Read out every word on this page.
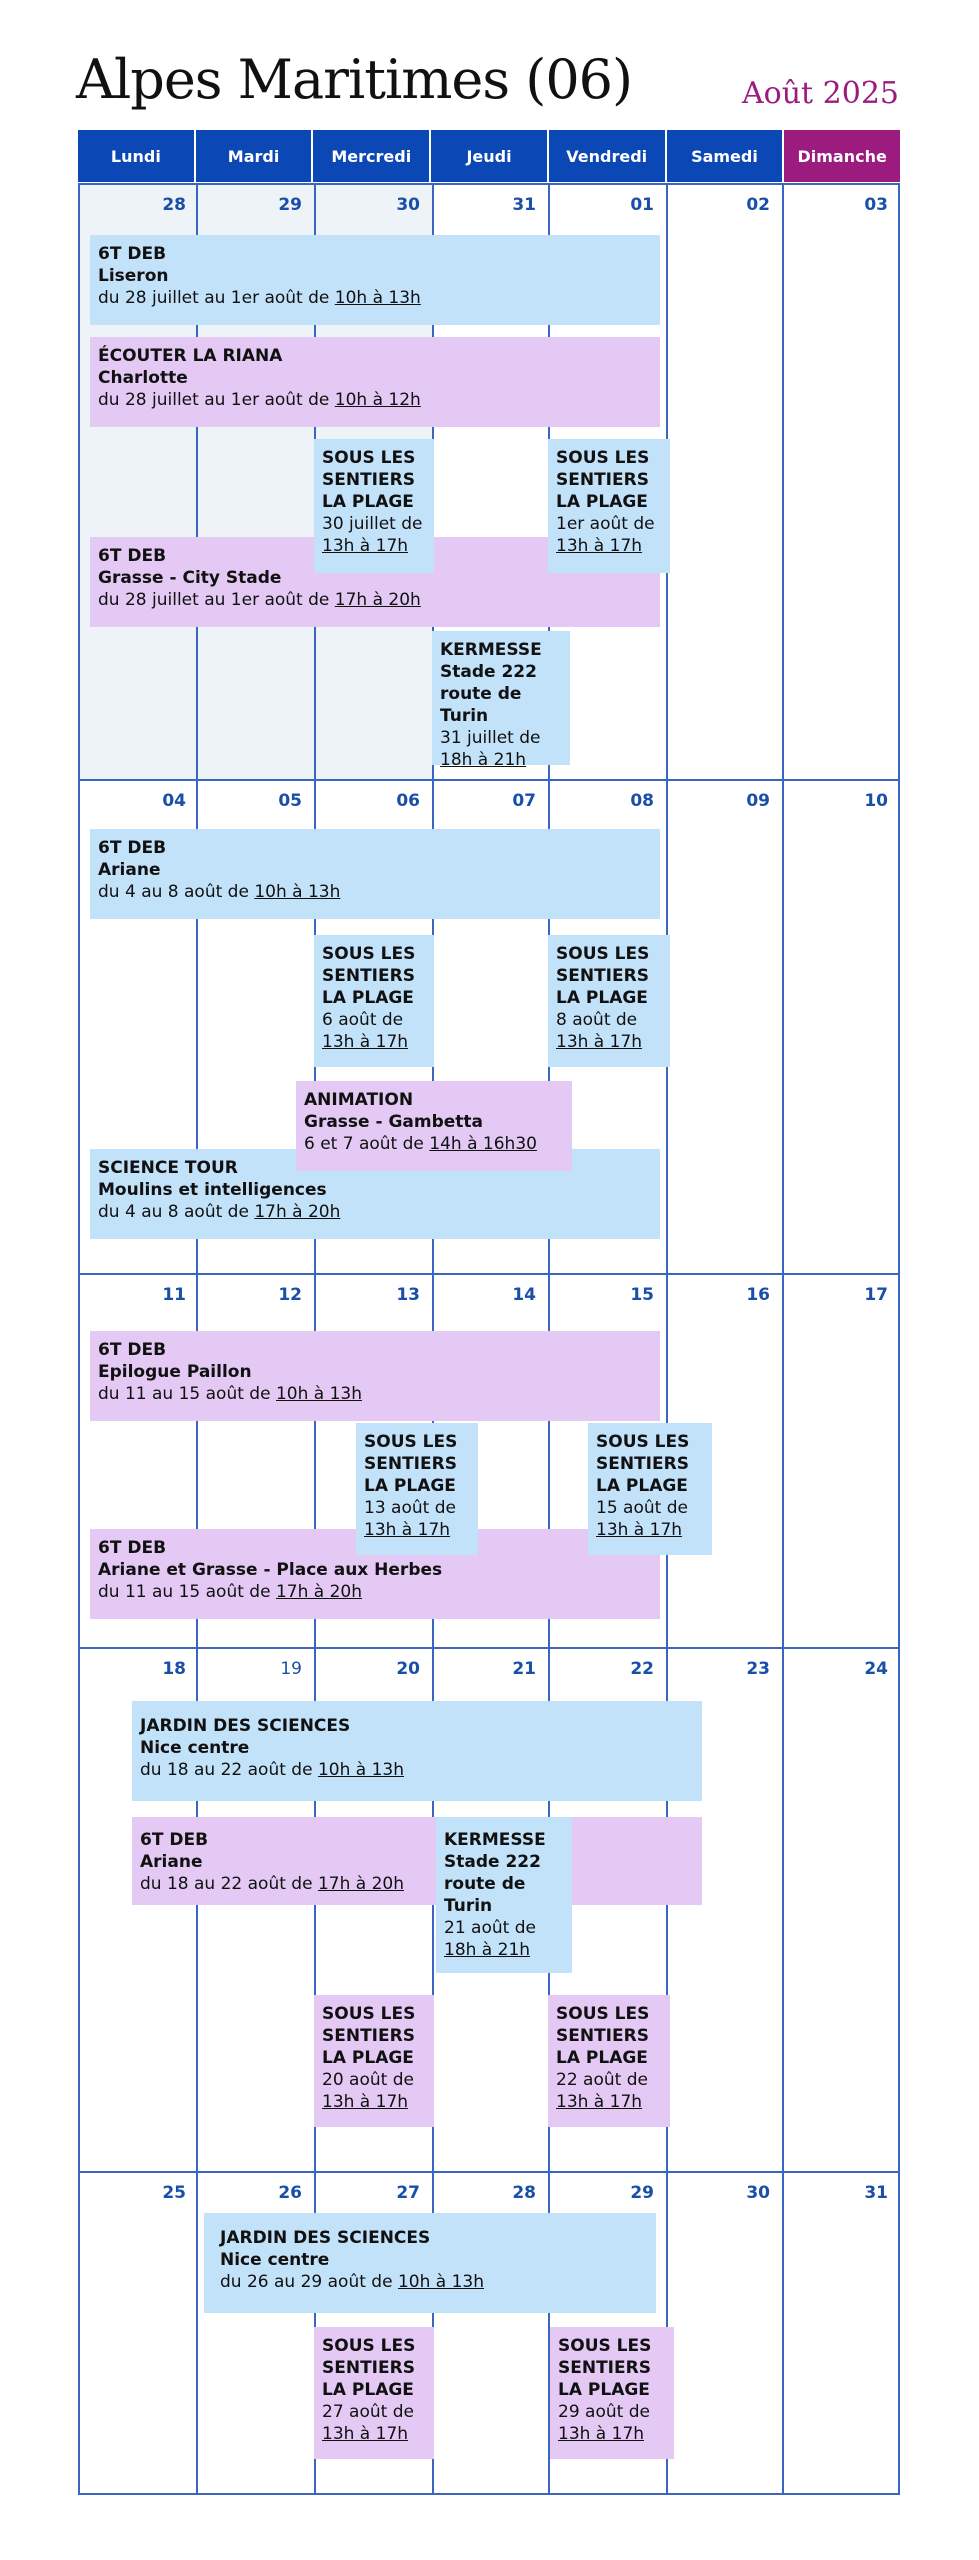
Alpes Maritimes (06)	Août 2025
Lundi	Mardi	Mercredi	Jeudi	Vendredi	Samedi	Dimanche
28	29	30	31	01	02	03
6T DEB
Liseron
du 28 juillet au 1er août de 10h à 13h
ÉCOUTER LA RIANA
Charlotte
du 28 juillet au 1er août de 10h à 12h
6T DEB
Grasse - City Stade
du 28 juillet au 1er août de 17h à 20h
SOUS LES SENTIERS LA PLAGE
30 juillet de
13h à 17h
SOUS LES SENTIERS LA PLAGE
1er août de
13h à 17h
KERMESSE
Stade 222 route de Turin
31 juillet de
18h à 21h
04	05	06	07	08	09	10
6T DEB
Ariane
du 4 au 8 août de 10h à 13h
SOUS LES SENTIERS LA PLAGE
6 août de
13h à 17h
SOUS LES SENTIERS LA PLAGE
8 août de
13h à 17h
SCIENCE TOUR
Moulins et intelligences
du 4 au 8 août de 17h à 20h
ANIMATION
Grasse - Gambetta
6 et 7 août de 14h à 16h30
11	12	13	14	15	16	17
6T DEB
Epilogue Paillon
du 11 au 15 août de 10h à 13h
6T DEB
Ariane et Grasse - Place aux Herbes
du 11 au 15 août de 17h à 20h
SOUS LES SENTIERS LA PLAGE
13 août de
13h à 17h
SOUS LES SENTIERS LA PLAGE
15 août de
13h à 17h
18	19	20	21	22	23	24
JARDIN DES SCIENCES
Nice centre
du 18 au 22 août de 10h à 13h
6T DEB
Ariane
du 18 au 22 août de 17h à 20h
KERMESSE
Stade 222 route de Turin
21 août de
18h à 21h
SOUS LES SENTIERS LA PLAGE
20 août de
13h à 17h
SOUS LES SENTIERS LA PLAGE
22 août de
13h à 17h
25	26	27	28	29	30	31
JARDIN DES SCIENCES
Nice centre
du 26 au 29 août de 10h à 13h
SOUS LES SENTIERS LA PLAGE
27 août de
13h à 17h
SOUS LES SENTIERS LA PLAGE
29 août de
13h à 17h
